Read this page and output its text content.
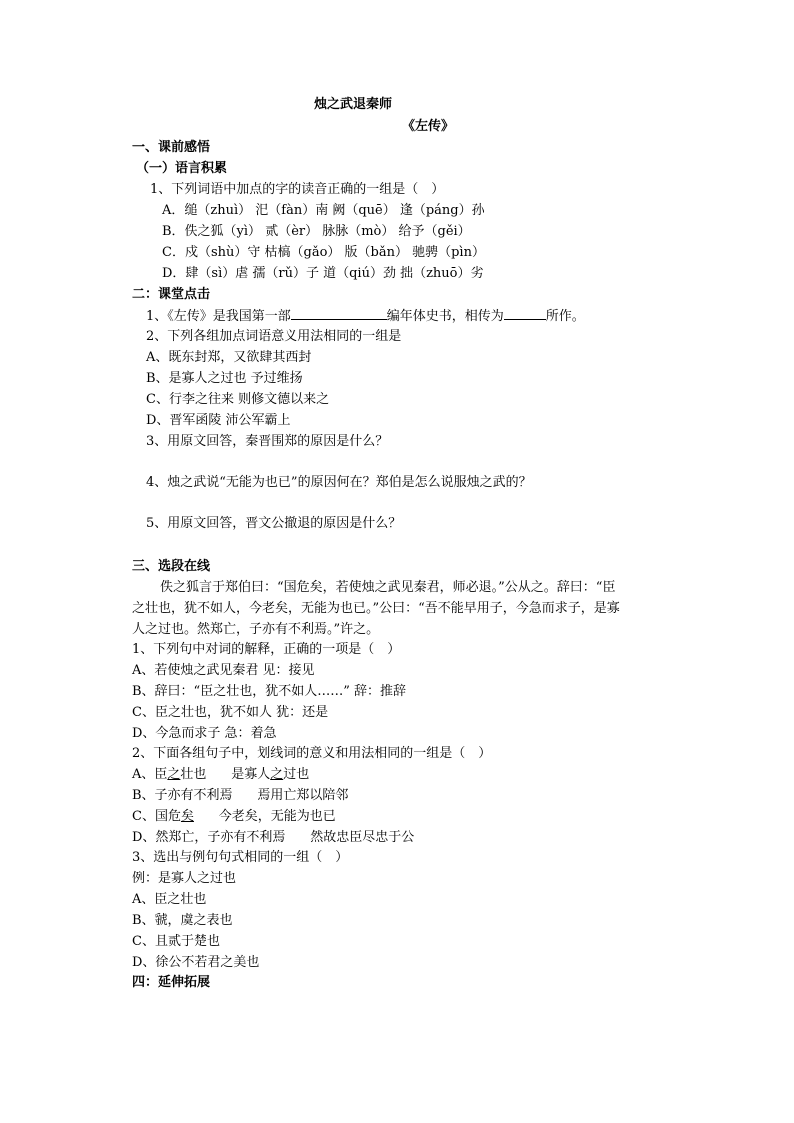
烛之武退秦师
《左传》
一、课前感悟
（一）语言积累
1、下列词语中加点的字的读音正确的一组是（　）
A．缒（zhuì） 汜（fàn）南 阙（quē） 逢（páng）孙
B．佚之狐（yì） 贰（èr） 脉脉（mò） 给予（gěi）
C．戍（shù）守 枯槁（gǎo） 版（bǎn） 驰骋（pìn）
D．肆（sì）虐 孺（rǔ）子 道（qiú）劲 拙（zhuō）劣
二：课堂点击
1、《左传》是我国第一部	编年体史书，相传为	所作。
2、下列各组加点词语意义用法相同的一组是
A、既东封郑，又欲肆其西封
B、是寡人之过也 予过维扬
C、行李之往来 则修文德以来之
D、晋军函陵 沛公军霸上
3、用原文回答，秦晋围郑的原因是什么？
4、烛之武说“无能为也已”的原因何在？郑伯是怎么说服烛之武的？
5、用原文回答，晋文公撤退的原因是什么？
三、选段在线
佚之狐言于郑伯曰：“国危矣，若使烛之武见秦君，师必退。”公从之。辞曰：“臣
之壮也，犹不如人，今老矣，无能为也已。”公曰：“吾不能早用子，今急而求子，是寡
人之过也。然郑亡，子亦有不利焉。”许之。
1、下列句中对词的解释，正确的一项是（　）
A、若使烛之武见秦君 见：接见
B、辞曰：“臣之壮也，犹不如人……” 辞：推辞
C、臣之壮也，犹不如人 犹：还是
D、今急而求子 急：着急
2、下面各组句子中，划线词的意义和用法相同的一组是（　）
A、臣之壮也      是寡人之过也
B、子亦有不利焉      焉用亡郑以陪邻
C、国危矣      今老矣，无能为也已
D、然郑亡，子亦有不利焉      然故忠臣尽忠于公
3、选出与例句句式相同的一组（　）
例：是寡人之过也
A、臣之壮也
B、虢，虞之表也
C、且贰于楚也
D、徐公不若君之美也
四：延伸拓展
